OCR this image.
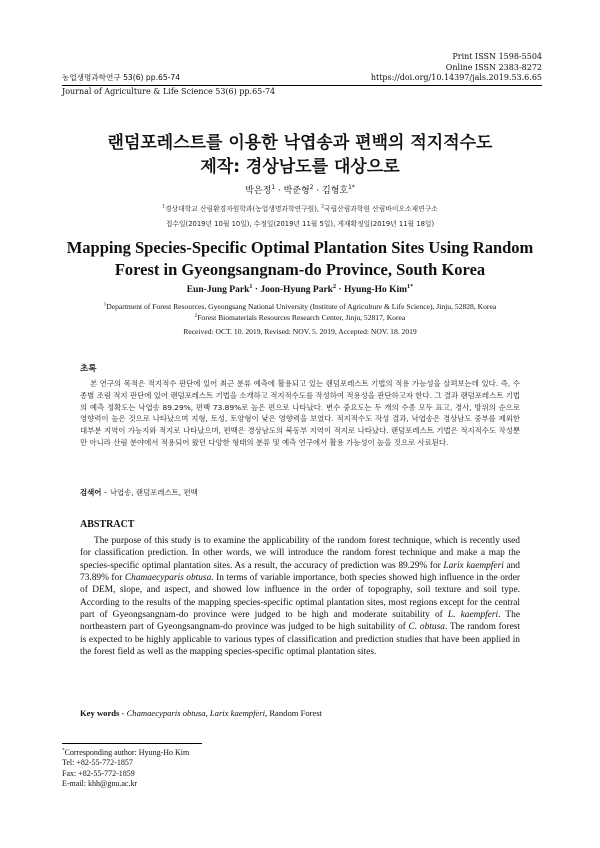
Print ISSN 1598-5504
Online ISSN 2383-8272
농업생명과학연구 53(6) pp.65-74	https://doi.org/10.14397/jals.2019.53.6.65
Journal of Agriculture & Life Science 53(6) pp.65-74
랜덤포레스트를 이용한 낙엽송과 편백의 적지적수도
제작: 경상남도를 대상으로
박은정$^1$ · 박준형$^2$ · 김형호$^{1*}$
$^1$경상대학교 산림환경자원학과(농업생명과학연구원), $^2$국립산림과학원 산림바이오소재연구소
접수일(2019년 10월 10일), 수정일(2019년 11월 5일), 게재확정일(2019년 11월 18일)
Mapping Species-Specific Optimal Plantation Sites Using Random
Forest in Gyeongsangnam-do Province, South Korea
Eun-Jung Park$^1$ · Joon-Hyung Park$^2$ · Hyung-Ho Kim$^{1*}$
$^1$Department of Forest Resources, Gyeongsang National University (Institute of Agriculture & Life Science), Jinju, 52828, Korea
$^2$Forest Biomaterials Resources Research Center, Jinju, 52817, Korea
Received: OCT. 10. 2019, Revised: NOV. 5. 2019, Accepted: NOV. 18. 2019
초록
본 연구의 목적은 적지적수 판단에 있어 최근 분류 예측에 활용되고 있는 랜덤포레스트 기법의 적용 가능성을 살펴보는데 있다. 즉, 수종별 조림 적지 판단에 있어 랜덤포레스트 기법을 소개하고 적지적수도를 작성하여 적용성을 판단하고자 한다. 그 결과 랜덤포레스트 기법의 예측 정확도는 낙엽송 89.29%, 편백 73.89%로 높은 편으로 나타났다. 변수 중요도는 두 개의 수종 모두 표고, 경사, 방위의 순으로 영향력이 높은 것으로 나타났으며 지형, 토성, 토양형이 낮은 영향력을 보였다. 적지적수도 작성 결과, 낙엽송은 경상남도 중부를 제외한 대부분 지역이 가능지와 적지로 나타났으며, 편백은 경상남도의 북동부 지역이 적지로 나타났다. 랜덤포레스트 기법은 적지적수도 작성뿐만 아니라 산림 분야에서 적용되어 왔던 다양한 형태의 분류 및 예측 연구에서 활용 가능성이 높을 것으로 사료된다.
검색어 – 낙엽송, 랜덤포레스트, 편백
ABSTRACT
The purpose of this study is to examine the applicability of the random forest technique, which is recently used for classification prediction. In other words, we will introduce the random forest technique and make a map the species-specific optimal plantation sites. As a result, the accuracy of prediction was 89.29% for Larix kaempferi and 73.89% for Chamaecyparis obtusa. In terms of variable importance, both species showed high influence in the order of DEM, slope, and aspect, and showed low influence in the order of topography, soil texture and soil type. According to the results of the mapping species-specific optimal plantation sites, most regions except for the central part of Gyeongsangnam-do province were judged to be high and moderate suitability of L. kaempferi. The northeastern part of Gyeongsangnam-do province was judged to be high suitability of C. obtusa. The random forest is expected to be highly applicable to various types of classification and prediction studies that have been applied in the forest field as well as the mapping species-specific optimal plantation sites.
Key words - Chamaecyparis obtusa, Larix kaempferi, Random Forest
*Corresponding author: Hyung-Ho Kim
Tel: +82-55-772-1857
Fax: +82-55-772-1859
E-mail: khh@gnu.ac.kr
